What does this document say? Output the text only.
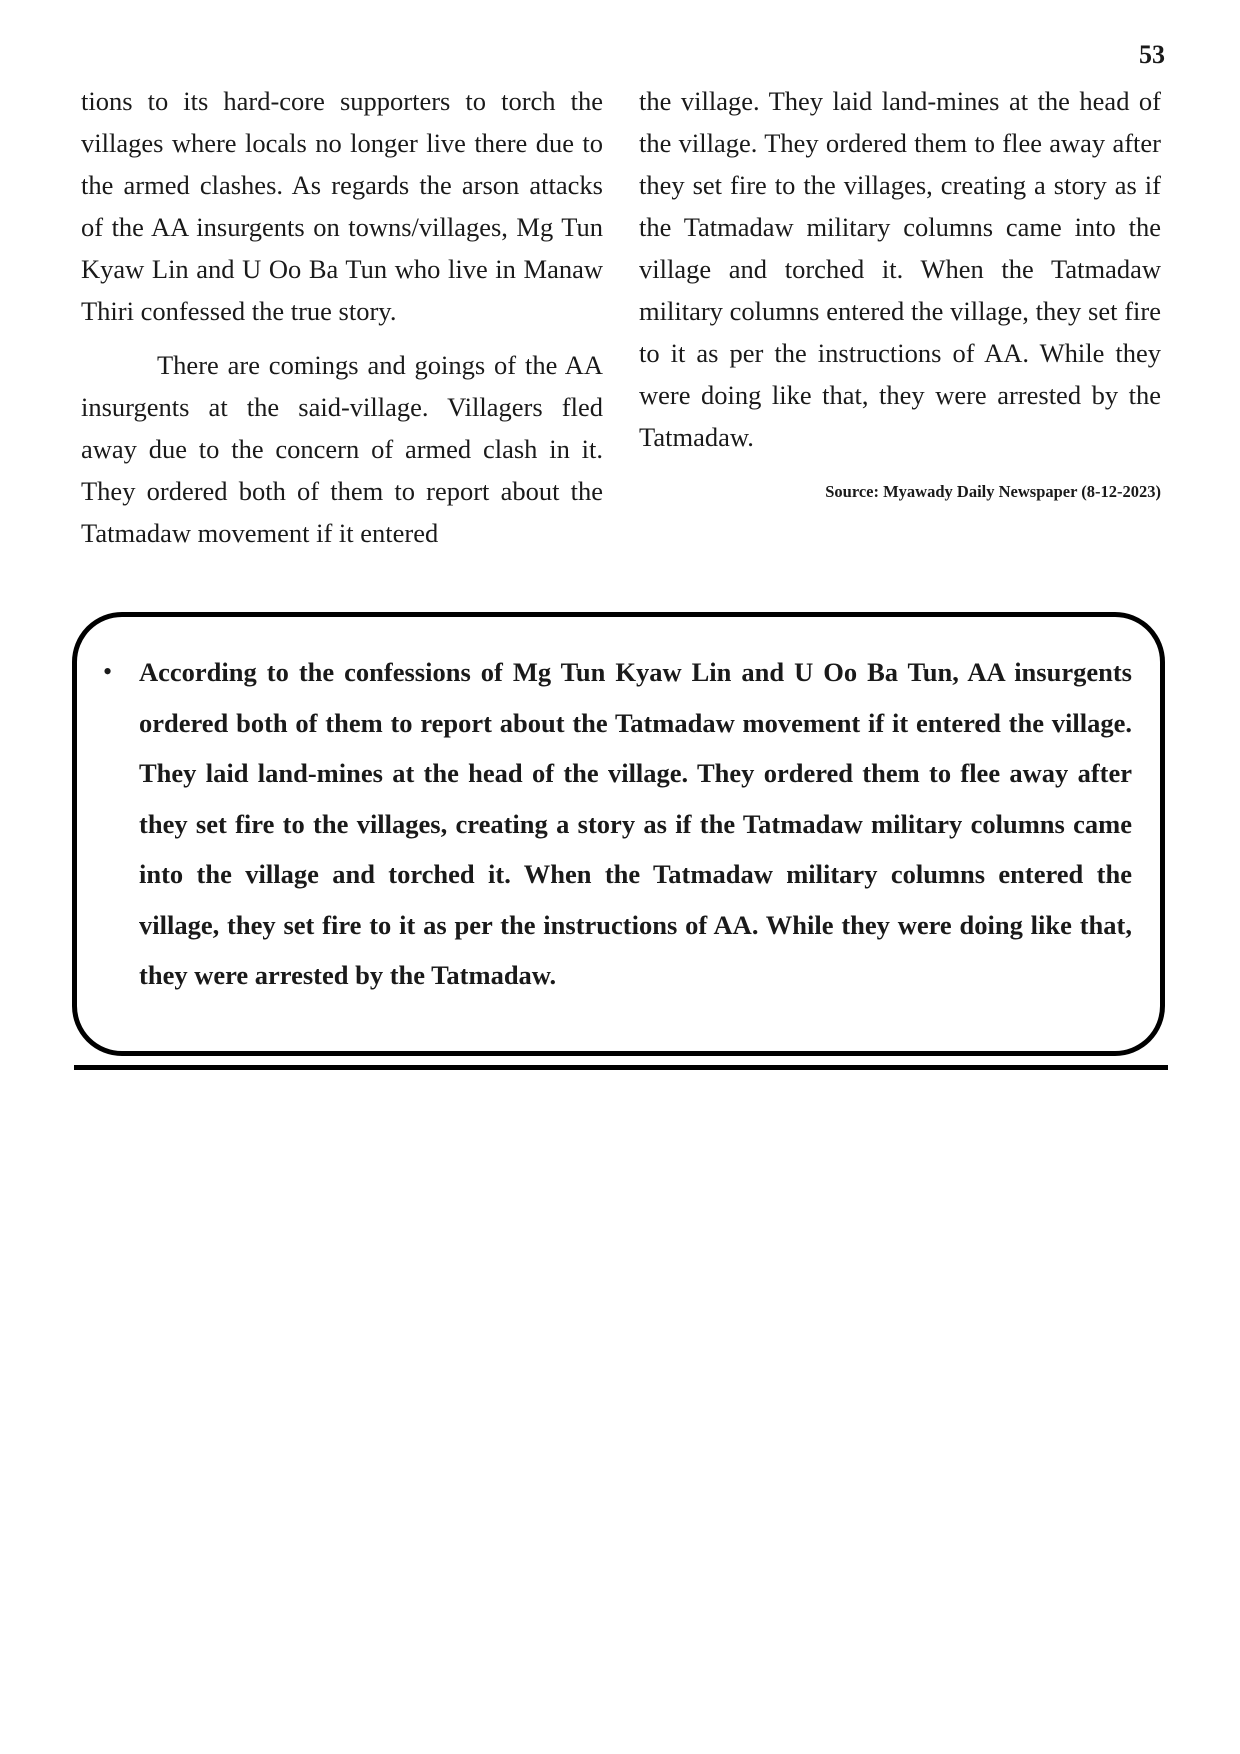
53

tions to its hard-core supporters to torch the villages where locals no longer live there due to the armed clashes. As regards the arson attacks of the AA insurgents on towns/villages, Mg Tun Kyaw Lin and U Oo Ba Tun who live in Manaw Thiri confessed the true story.

There are comings and goings of the AA insurgents at the said-village. Villagers fled away due to the concern of armed clash in it. They ordered both of them to report about the Tatmadaw movement if it entered

the village. They laid land-mines at the head of the village. They ordered them to flee away after they set fire to the villages, creating a story as if the Tatmadaw military columns came into the village and torched it. When the Tatmadaw military columns entered the village, they set fire to it as per the instructions of AA. While they were doing like that, they were arrested by the Tatmadaw.

Source: Myawady Daily Newspaper (8-12-2023)
•	According to the confessions of Mg Tun Kyaw Lin and U Oo Ba Tun, AA insurgents ordered both of them to report about the Tatmadaw movement if it entered the village. They laid land-mines at the head of the village. They ordered them to flee away after they set fire to the villages, creating a story as if the Tatmadaw military columns came into the village and torched it. When the Tatmadaw military columns entered the village, they set fire to it as per the instructions of AA. While they were doing like that, they were arrested by the Tatmadaw.
